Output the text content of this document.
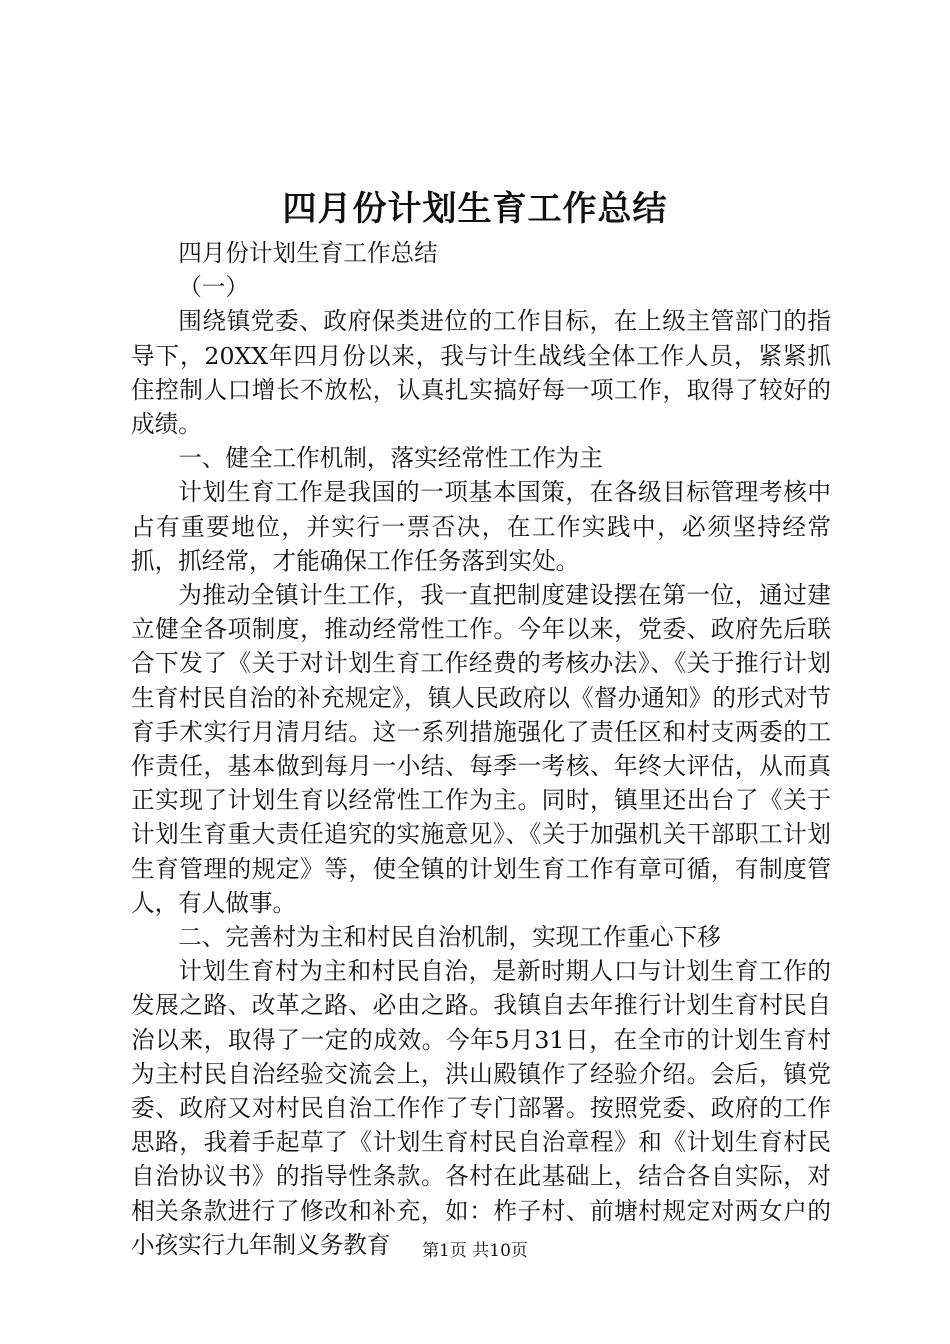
四月份计划生育工作总结

四月份计划生育工作总结

（一）

围绕镇党委、政府保类进位的工作目标，在上级主管部门的指导下，20XX年四月份以来，我与计生战线全体工作人员，紧紧抓住控制人口增长不放松，认真扎实搞好每一项工作，取得了较好的成绩。

一、健全工作机制，落实经常性工作为主

计划生育工作是我国的一项基本国策，在各级目标管理考核中占有重要地位，并实行一票否决，在工作实践中，必须坚持经常抓，抓经常，才能确保工作任务落到实处。

为推动全镇计生工作，我一直把制度建设摆在第一位，通过建立健全各项制度，推动经常性工作。今年以来，党委、政府先后联合下发了《关于对计划生育工作经费的考核办法》、《关于推行计划生育村民自治的补充规定》，镇人民政府以《督办通知》的形式对节育手术实行月清月结。这一系列措施强化了责任区和村支两委的工作责任，基本做到每月一小结、每季一考核、年终大评估，从而真正实现了计划生育以经常性工作为主。同时，镇里还出台了《关于计划生育重大责任追究的实施意见》、《关于加强机关干部职工计划生育管理的规定》等，使全镇的计划生育工作有章可循，有制度管人，有人做事。

二、完善村为主和村民自治机制，实现工作重心下移

计划生育村为主和村民自治，是新时期人口与计划生育工作的发展之路、改革之路、必由之路。我镇自去年推行计划生育村民自治以来，取得了一定的成效。今年5月31日，在全市的计划生育村为主村民自治经验交流会上，洪山殿镇作了经验介绍。会后，镇党委、政府又对村民自治工作作了专门部署。按照党委、政府的工作思路，我着手起草了《计划生育村民自治章程》和《计划生育村民自治协议书》的指导性条款。各村在此基础上，结合各自实际，对相关条款进行了修改和补充，如：柞子村、前塘村规定对两女户的小孩实行九年制义务教育	第1页 共10页
